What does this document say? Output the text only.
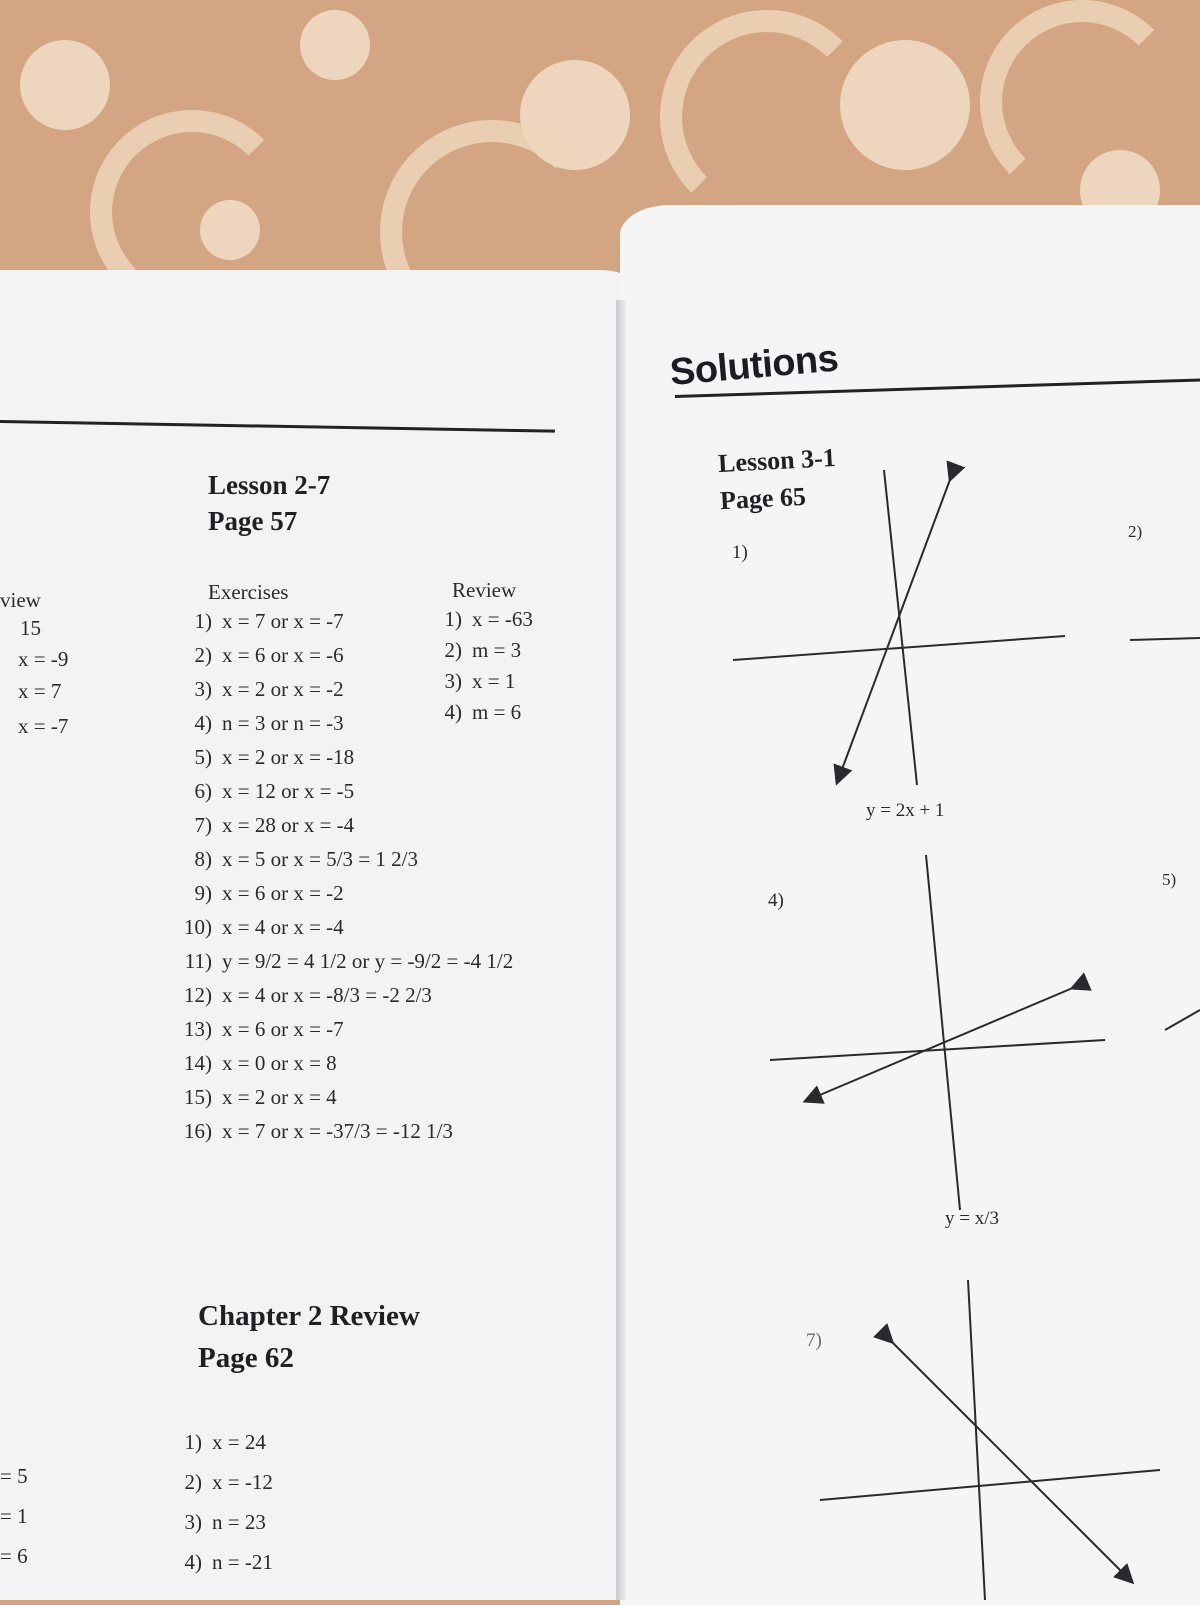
view
15
x = -9
x = 7
x = -7
= 5
= 1
= 6
Lesson 2-7
Page 57
Exercises	Review
1) x = 7 or x = -7
2) x = 6 or x = -6
3) x = 2 or x = -2
4) n = 3 or n = -3
5) x = 2 or x = -18
6) x = 12 or x = -5
7) x = 28 or x = -4
8) x = 5 or x = 5/3 = 1 2/3
9) x = 6 or x = -2
10) x = 4 or x = -4
11) y = 9/2 = 4 1/2 or y = -9/2 = -4 1/2
12) x = 4 or x = -8/3 = -2 2/3
13) x = 6 or x = -7
14) x = 0 or x = 8
15) x = 2 or x = 4
16) x = 7 or x = -37/3 = -12 1/3
1) x = -63
2) m = 3
3) x = 1
4) m = 6
Chapter 2 Review
Page 62
1) x = 24
2) x = -12
3) n = 23
4) n = -21
Solutions
Lesson 3-1
Page 65
1)
2)
y = 2x + 1
4)
5)
y = x/3
7)
